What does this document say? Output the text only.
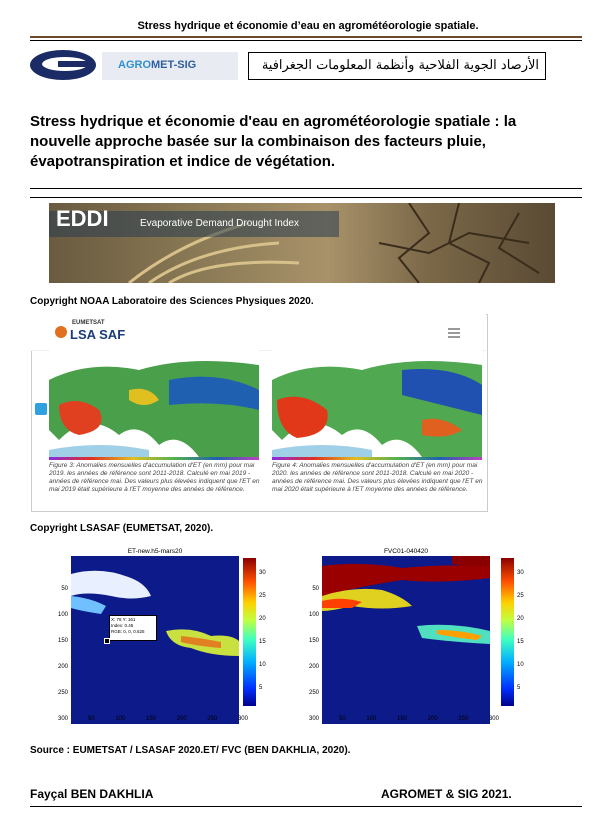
Stress hydrique et économie d’eau en agrométéorologie spatiale.
AGROMET-SIG	الأرصاد الجوية الفلاحية وأنظمة المعلومات الجغرافية
Stress hydrique et économie d'eau en agrométéorologie spatiale : la nouvelle approche basée sur la combinaison des facteurs pluie, évapotranspiration et indice de végétation.
EDDI	Evaporative Demand Drought Index
Copyright NOAA Laboratoire des Sciences Physiques 2020.
EUMETSAT
LSA SAF
Figure 3: Anomalies mensuelles d'accumulation d'ET (en mm) pour mai 2019. les années de référence sont 2011-2018. Calculé en mai 2019 - années de référence mai. Des valeurs plus élevées indiquent que l'ET en mai 2019 était supérieure à l'ET moyenne des années de référence.
Figure 4: Anomalies mensuelles d'accumulation d'ET (en mm) pour mai 2020. les années de référence sont 2011-2018. Calculé en mai 2020 - années de référence mai. Des valeurs plus élevées indiquent que l'ET en mai 2020 était supérieure à l'ET moyenne des années de référence.
Copyright LSASAF (EUMETSAT, 2020).
ET-new.h5-mars20
X: 76 Y: 161
Index: 0.45
RGB: 0, 0, 0.625
FVC01-040420
50
100
150
200
250
300	50	100	150	200	250	300
30
25
20
15
10
5
50
100
150
200
250
300	50	100	150	200	250	300
30
25
20
15
10
5
Source : EUMETSAT / LSASAF 2020.ET/ FVC (BEN DAKHLIA, 2020).
Fayçal BEN DAKHLIA	AGROMET & SIG 2021.
